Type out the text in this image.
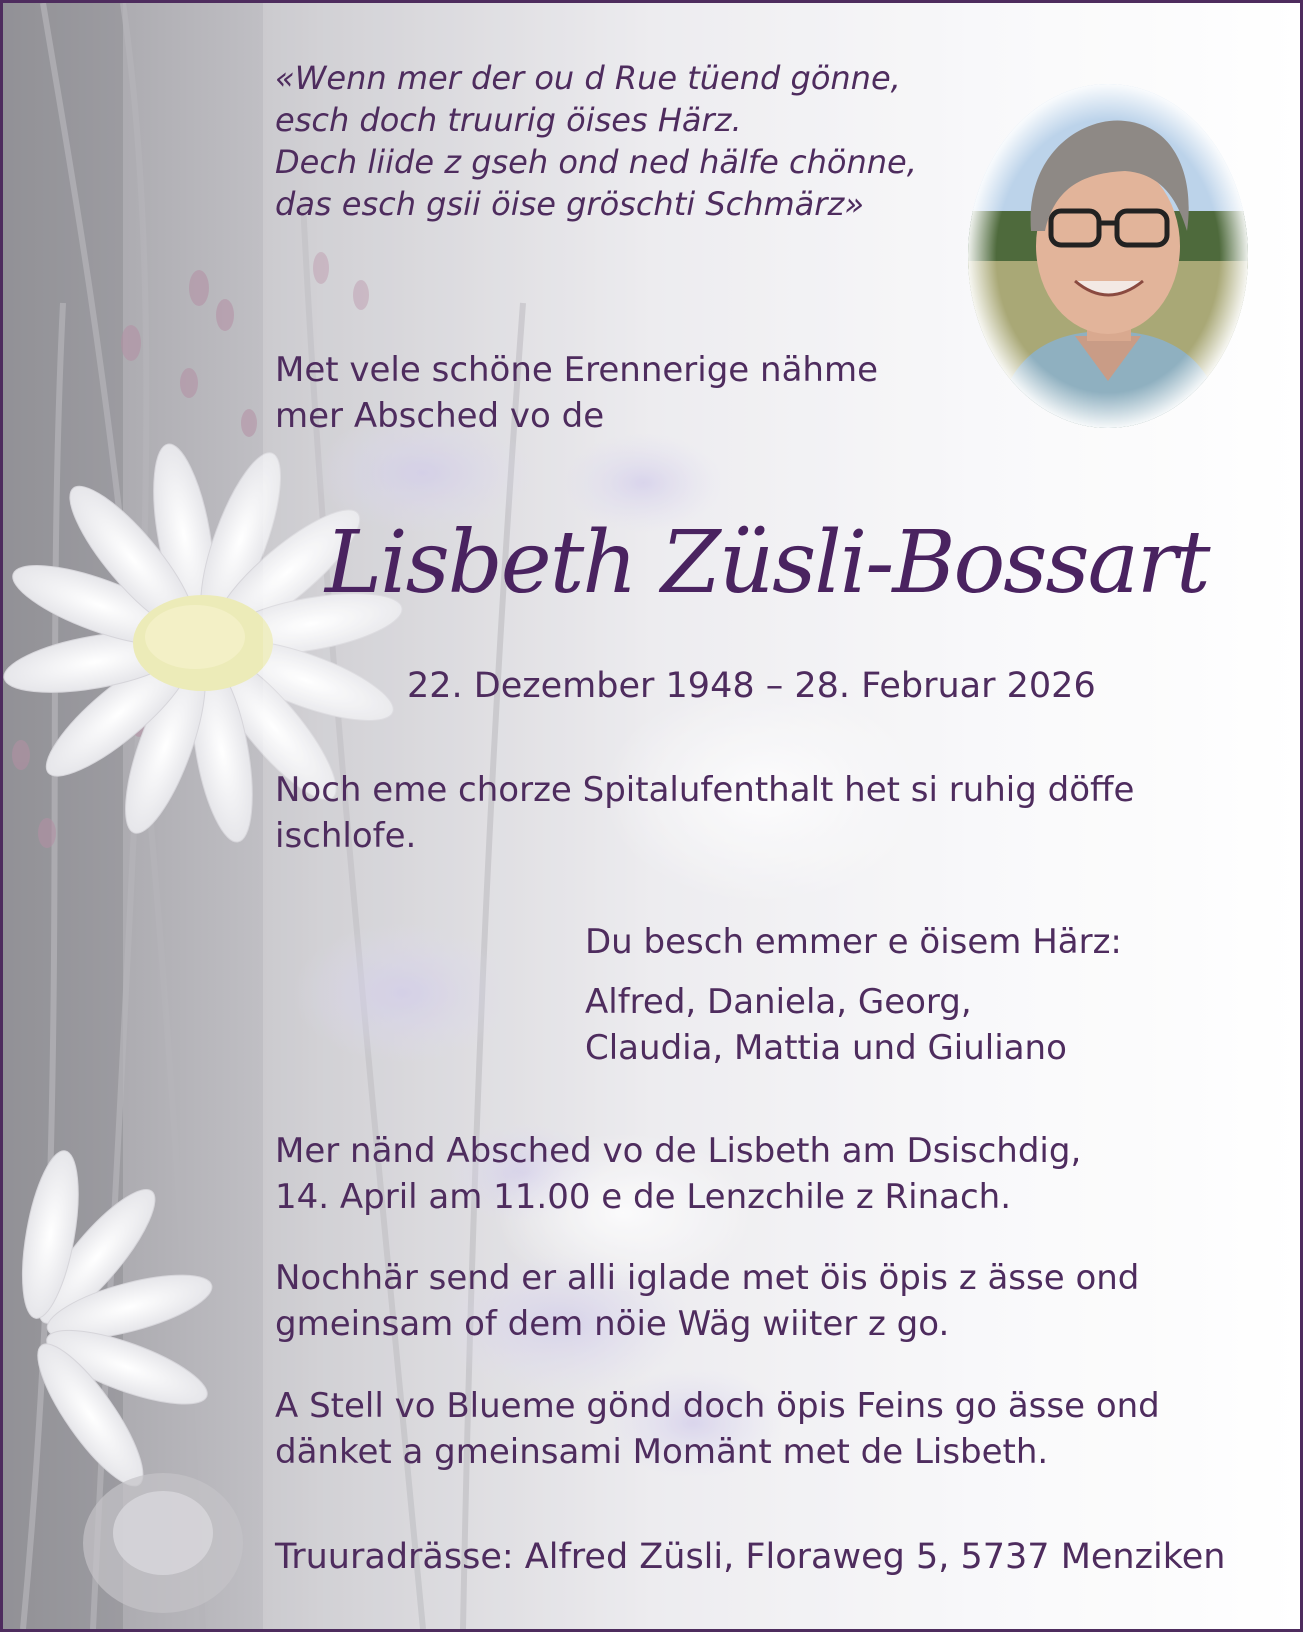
«Wenn mer der ou d Rue tüend gönne,
esch doch truurig öises Härz.
Dech liide z gseh ond ned hälfe chönne,
das esch gsii öise gröschti Schmärz»

Met vele schöne Erennerige nähme
mer Absched vo de

Lisbeth Züsli-Bossart

22. Dezember 1948 – 28. Februar 2026

Noch eme chorze Spitalufenthalt het si ruhig döffe
ischlofe.

Du besch emmer e öisem Härz:

Alfred, Daniela, Georg,
Claudia, Mattia und Giuliano

Mer nänd Absched vo de Lisbeth am Dsischdig,
14. April am 11.00 e de Lenzchile z Rinach.

Nochhär send er alli iglade met öis öpis z ässe ond
gmeinsam of dem nöie Wäg wiiter z go.

A Stell vo Blueme gönd doch öpis Feins go ässe ond
dänket a gmeinsami Momänt met de Lisbeth.

Truuradrässe: Alfred Züsli, Floraweg 5, 5737 Menziken
